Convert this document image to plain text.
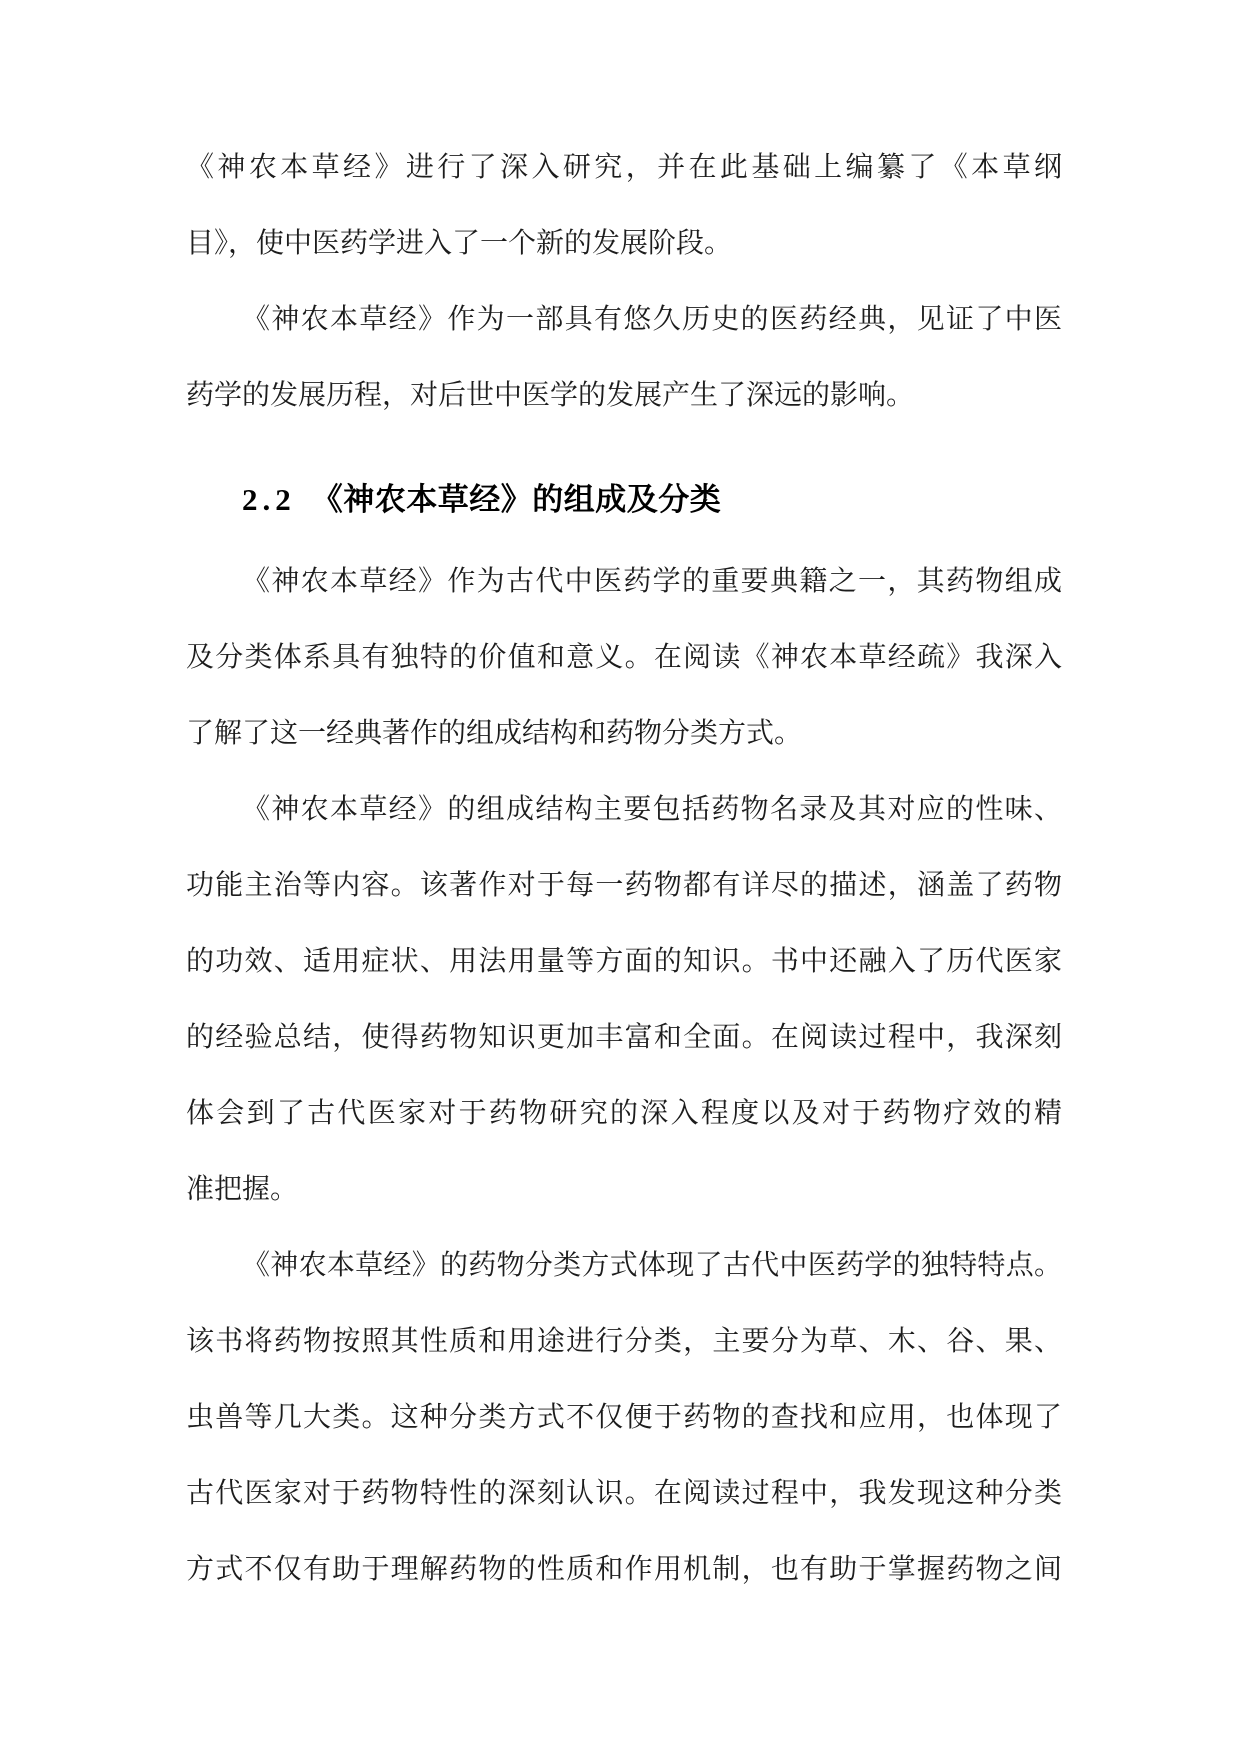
《神农本草经》进行了深入研究，并在此基础上编纂了《本草纲
目》，使中医药学进入了一个新的发展阶段。
《神农本草经》作为一部具有悠久历史的医药经典，见证了中医
药学的发展历程，对后世中医学的发展产生了深远的影响。
2.2 《神农本草经》的组成及分类
《神农本草经》作为古代中医药学的重要典籍之一，其药物组成
及分类体系具有独特的价值和意义。在阅读《神农本草经疏》我深入
了解了这一经典著作的组成结构和药物分类方式。
《神农本草经》的组成结构主要包括药物名录及其对应的性味、
功能主治等内容。该著作对于每一药物都有详尽的描述，涵盖了药物
的功效、适用症状、用法用量等方面的知识。书中还融入了历代医家
的经验总结，使得药物知识更加丰富和全面。在阅读过程中，我深刻
体会到了古代医家对于药物研究的深入程度以及对于药物疗效的精
准把握。
《神农本草经》的药物分类方式体现了古代中医药学的独特特点。
该书将药物按照其性质和用途进行分类，主要分为草、木、谷、果、
虫兽等几大类。这种分类方式不仅便于药物的查找和应用，也体现了
古代医家对于药物特性的深刻认识。在阅读过程中，我发现这种分类
方式不仅有助于理解药物的性质和作用机制，也有助于掌握药物之间
